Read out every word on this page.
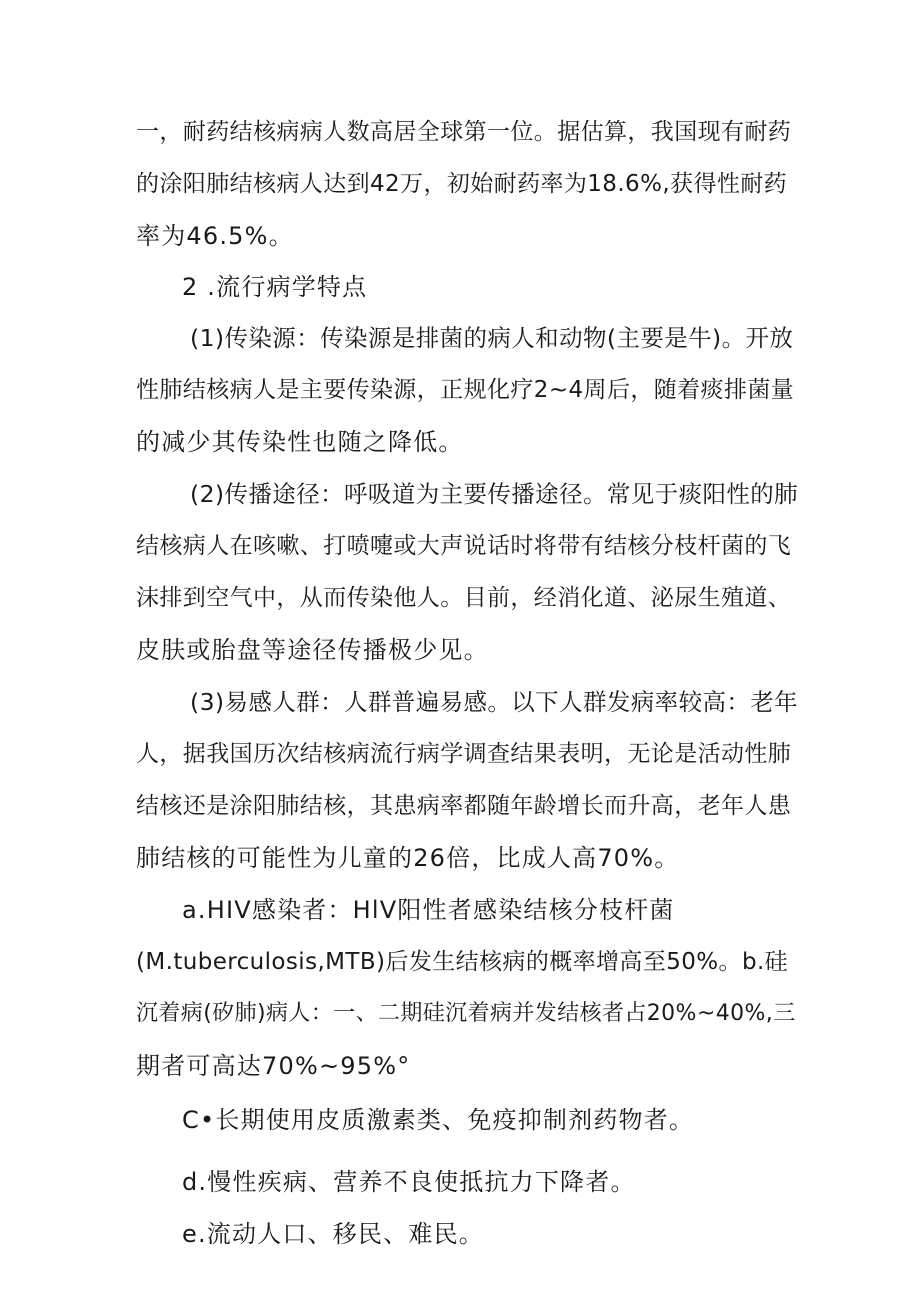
一，耐药结核病病人数高居全球第一位。据估算，我国现有耐药
的涂阳肺结核病人达到42万，初始耐药率为18.6%,获得性耐药
率为46.5%。
2 .流行病学特点
(1)传染源：传染源是排菌的病人和动物(主要是牛)。开放
性肺结核病人是主要传染源，正规化疗2~4周后，随着痰排菌量
的减少其传染性也随之降低。
(2)传播途径：呼吸道为主要传播途径。常见于痰阳性的肺
结核病人在咳嗽、打喷嚏或大声说话时将带有结核分枝杆菌的飞
沫排到空气中，从而传染他人。目前，经消化道、泌尿生殖道、
皮肤或胎盘等途径传播极少见。
(3)易感人群：人群普遍易感。以下人群发病率较高：老年
人，据我国历次结核病流行病学调查结果表明，无论是活动性肺
结核还是涂阳肺结核，其患病率都随年龄增长而升高，老年人患
肺结核的可能性为儿童的26倍，比成人高70%。
a.HIV感染者：HlV阳性者感染结核分枝杆菌
(M.tuberculosis,MTB)后发生结核病的概率增高至50%。b.硅
沉着病(矽肺)病人：一、二期硅沉着病并发结核者占20%~40%,三
期者可高达70%~95%°
C•长期使用皮质激素类、免疫抑制剂药物者。
d.慢性疾病、营养不良使抵抗力下降者。
e.流动人口、移民、难民。
